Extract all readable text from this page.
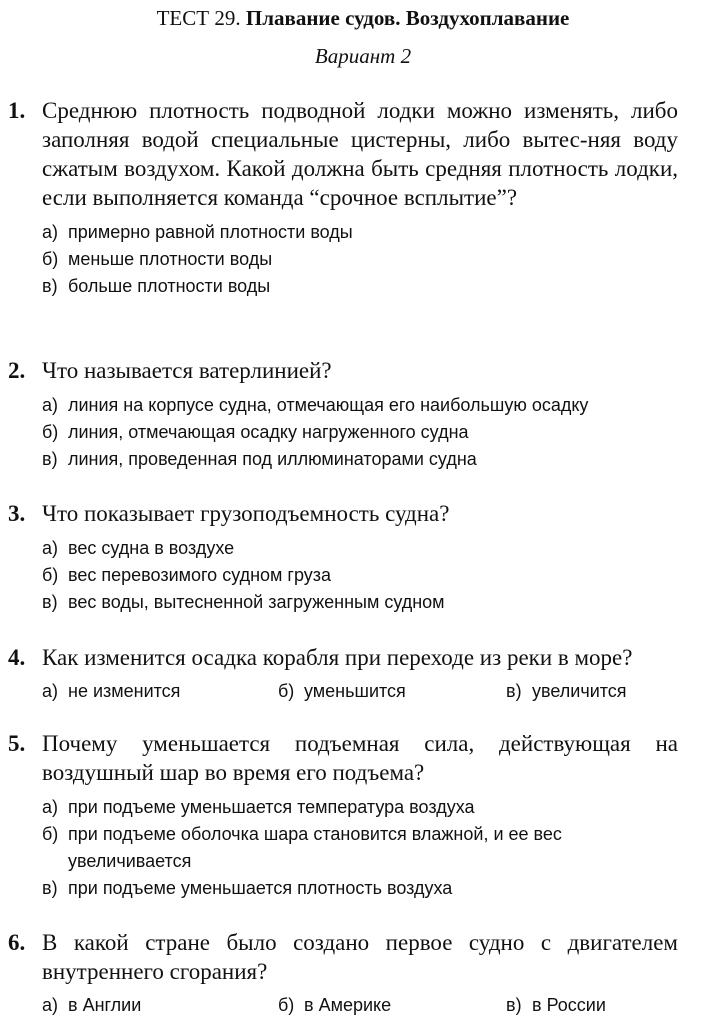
ТЕСТ 29. Плавание судов. Воздухоплавание
Вариант 2
1. Среднюю плотность подводной лодки можно изменять, либо заполняя водой специальные цистерны, либо вытес-няя воду сжатым воздухом. Какой должна быть средняя плотность лодки, если выполняется команда “срочное всплытие”?
а) примерно равной плотности воды
б) меньше плотности воды
в) больше плотности воды
2. Что называется ватерлинией?
а) линия на корпусе судна, отмечающая его наибольшую осадку
б) линия, отмечающая осадку нагруженного судна
в) линия, проведенная под иллюминаторами судна
3. Что показывает грузоподъемность судна?
а) вес судна в воздухе
б) вес перевозимого судном груза
в) вес воды, вытесненной загруженным судном
4. Как изменится осадка корабля при переходе из реки в море?
а) не изменится	б) уменьшится	в) увеличится
5. Почему уменьшается подъемная сила, действующая на воздушный шар во время его подъема?
а) при подъеме уменьшается температура воздуха
б) при подъеме оболочка шара становится влажной, и ее вес
увеличивается
в) при подъеме уменьшается плотность воздуха
6. В какой стране было создано первое судно с двигателем внутреннего сгорания?
а) в Англии	б) в Америке	в) в России
